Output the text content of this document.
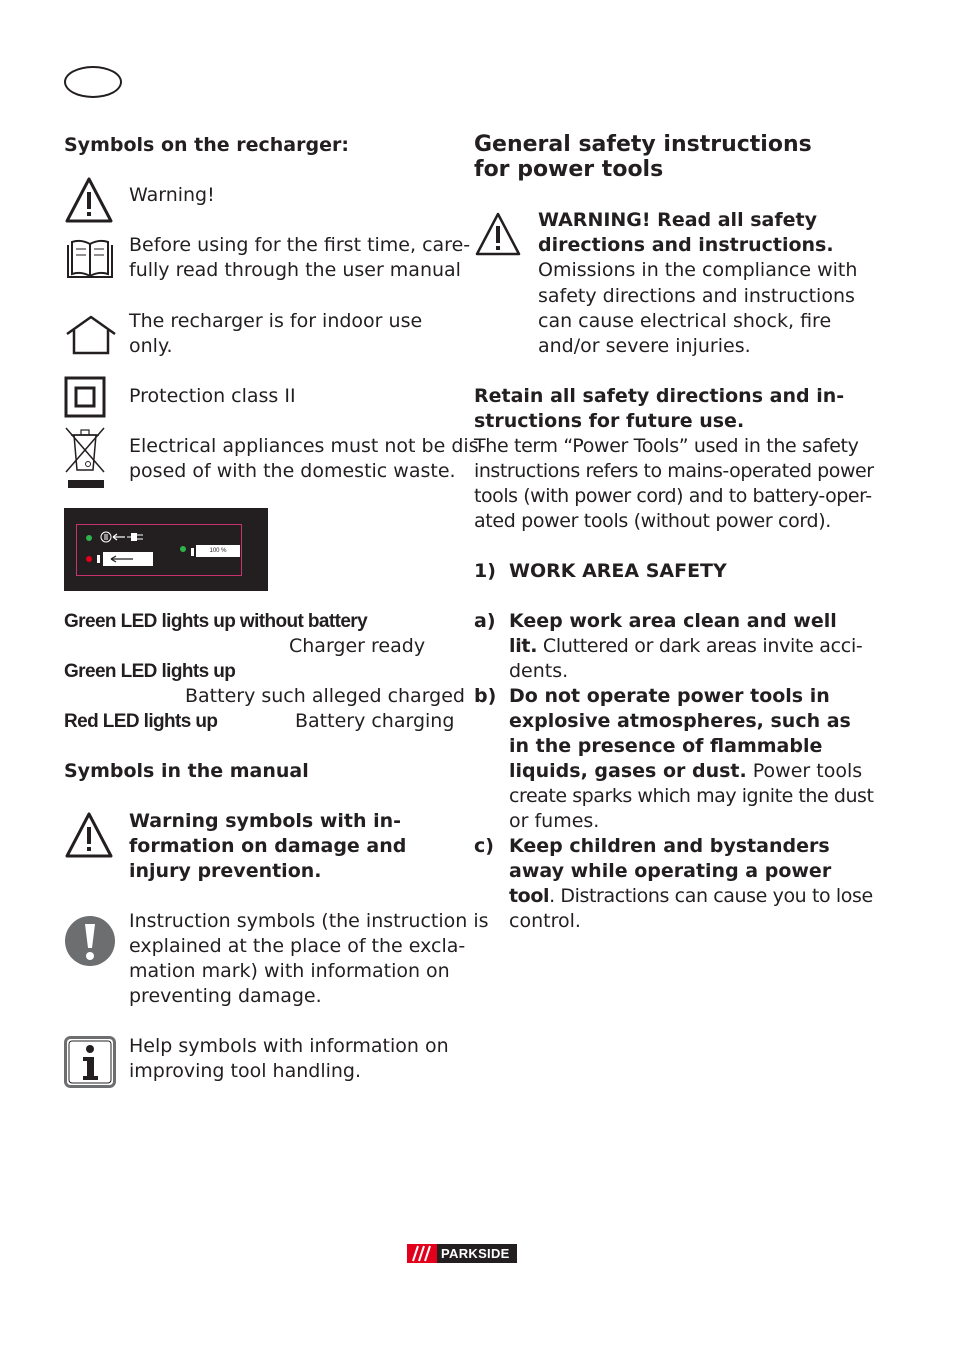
Symbols on the recharger:
Warning!
Before using for the first time, care-
fully read through the user manual
The recharger is for indoor use
only.
Protection class II
Electrical appliances must not be dis-
posed of with the domestic waste.
100 %
Green LED lights up without battery
Charger ready
Green LED lights up
Battery such alleged charged
Red LED lights up	Battery charging
Symbols in the manual
Warning symbols with in-
formation on damage and
injury prevention.
Instruction symbols (the instruction is
explained at the place of the excla-
mation mark) with information on
preventing damage.
Help symbols with information on
improving tool handling.
General safety instructions
for power tools
WARNING! Read all safety
directions and instructions.
Omissions in the compliance with
safety directions and instructions
can cause electrical shock, fire
and/or severe injuries.
Retain all safety directions and in-
structions for future use.
The term “Power Tools” used in the safety
instructions refers to mains-operated power
tools (with power cord) and to battery-oper-
ated power tools (without power cord).
1) WORK AREA SAFETY
a) Keep work area clean and well
lit. Cluttered or dark areas invite acci-
dents.
b) Do not operate power tools in
explosive atmospheres, such as
in the presence of flammable
liquids, gases or dust. Power tools
create sparks which may ignite the dust
or fumes.
c) Keep children and bystanders
away while operating a power
tool. Distractions can cause you to lose
control.
PARKSIDE
